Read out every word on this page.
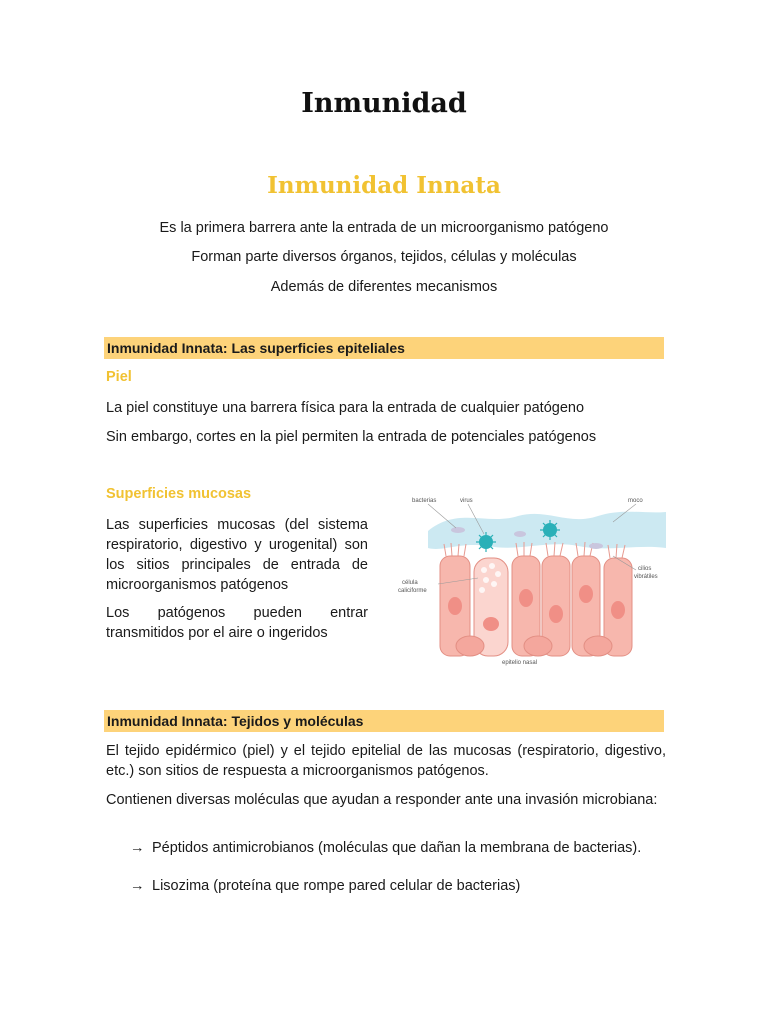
Inmunidad
Inmunidad Innata

Es la primera barrera ante la entrada de un microorganismo patógeno

Forman parte diversos órganos, tejidos, células y moléculas

Además de diferentes mecanismos

Inmunidad Innata: Las superficies epiteliales

Piel

La piel constituye una barrera física para la entrada de cualquier patógeno

Sin embargo, cortes en la piel permiten la entrada de potenciales patógenos

Superficies mucosas

Las superficies mucosas (del sistema respiratorio, digestivo y urogenital) son los sitios principales de entrada de microorganismos patógenos

Los patógenos pueden entrar transmitidos por el aire o ingeridos

bacterias	virus	moco
cilios
vibrátiles
célula
caliciforme
epitelio nasal
Inmunidad Innata: Tejidos y moléculas

El tejido epidérmico (piel) y el tejido epitelial de las mucosas (respiratorio, digestivo, etc.) son sitios de respuesta a microorganismos patógenos.

Contienen diversas moléculas que ayudan a responder ante una invasión microbiana:

→ Péptidos antimicrobianos (moléculas que dañan la membrana de bacterias).

→ Lisozima (proteína que rompe pared celular de bacterias)
